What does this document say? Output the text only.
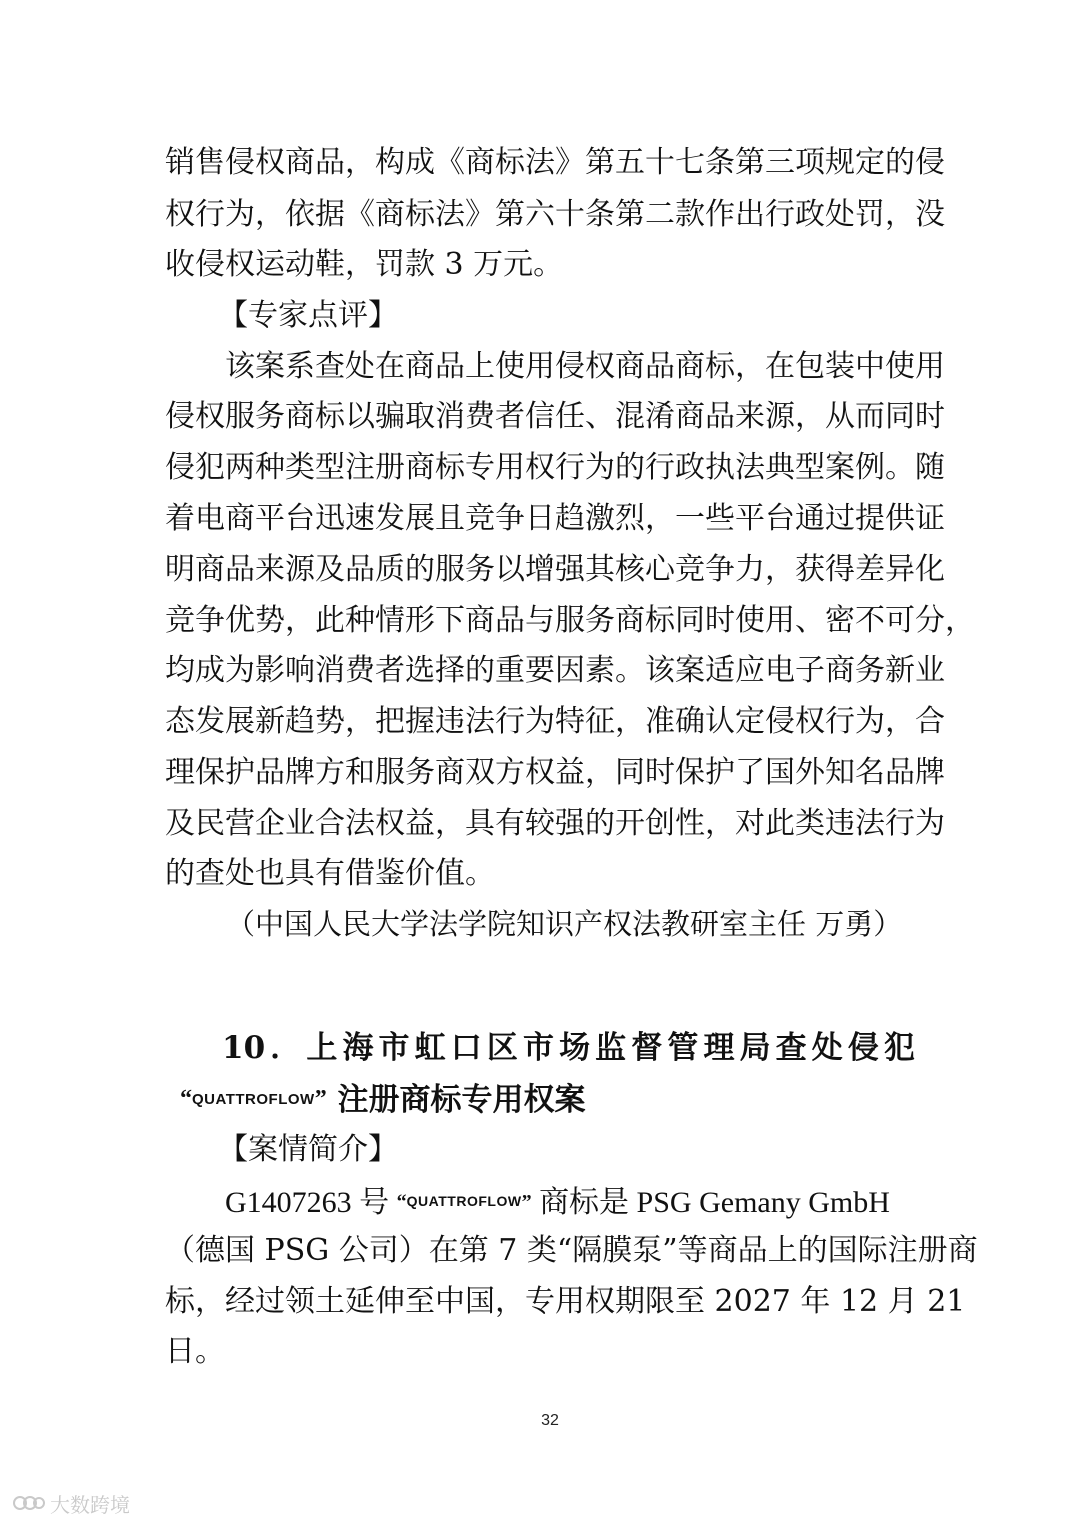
销售侵权商品，构成《商标法》第五十七条第三项规定的侵
权行为，依据《商标法》第六十条第二款作出行政处罚，没
收侵权运动鞋，罚款 3 万元。
【专家点评】
该案系查处在商品上使用侵权商品商标，在包装中使用
侵权服务商标以骗取消费者信任、混淆商品来源，从而同时
侵犯两种类型注册商标专用权行为的行政执法典型案例。随
着电商平台迅速发展且竞争日趋激烈，一些平台通过提供证
明商品来源及品质的服务以增强其核心竞争力，获得差异化
竞争优势，此种情形下商品与服务商标同时使用、密不可分，
均成为影响消费者选择的重要因素。该案适应电子商务新业
态发展新趋势，把握违法行为特征，准确认定侵权行为，合
理保护品牌方和服务商双方权益，同时保护了国外知名品牌
及民营企业合法权益，具有较强的开创性，对此类违法行为
的查处也具有借鉴价值。
（中国人民大学法学院知识产权法教研室主任 万勇）
10．上海市虹口区市场监督管理局查处侵犯
“QUATTROFLOW” 注册商标专用权案
【案情简介】
G1407263 号 “$^{QUATTROFLOW}$” 商标是 PSG Gemany GmbH
（德国 PSG 公司）在第 7 类“隔膜泵”等商品上的国际注册商
标，经过领土延伸至中国，专用权期限至 2027 年 12 月 21
日。
32
大数跨境
